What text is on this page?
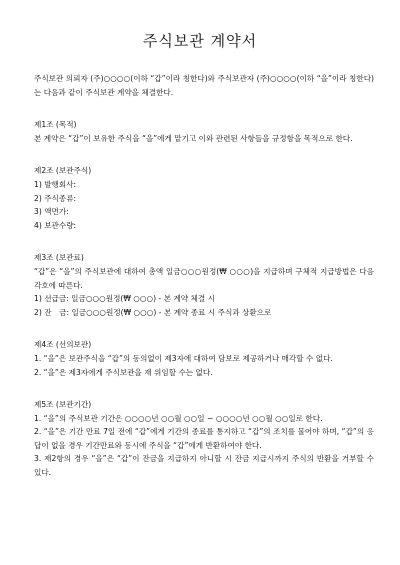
주식보관 계약서

주식보관 의뢰자 (주)○○○○(이하 “갑”이라 칭한다)와 주식보관자 (주)○○○○(이하 “을”이라 칭한다)는 다음과 같이 주식보관 계약을 체결한다.

제1조 (목적)

본 계약은 “갑”이 보유한 주식을 “을”에게 맡기고 이와 관련된 사항들을 규정함을 목적으로 한다.

제2조 (보관주식)

1) 발행회사:

2) 주식종류:

3) 액면가:

4) 보관수량:

제3조 (보관료)

“갑”은 “을”의 주식보관에 대하여 총액 일금○○○원정(₩ ○○○)을 지급하며 구체적 지급방법은 다음 각호에 따른다.

1) 선급금: 일금○○○원정(₩ ○○○) - 본 계약 체결 시

2) 잔　금: 일금○○○원정(₩ ○○○) - 본 계약 종료 시 주식과 상환으로

제4조 (선의보관)

1. “을”은 보관주식을 “갑”의 동의없이 제3자에 대하여 담보로 제공하거나 매각할 수 없다.

2. “을”은 제3자에게 주식보관을 재 위임할 수는 없다.

제5조 (보관기간)

1. “을”의 주식보관 기간은 ○○○○년 ○○월 ○○일 ~ ○○○○년 ○○월 ○○일로 한다.

2. “을”은 기간 만료 7일 전에 “갑”에게 기간의 종료를 통지하고 “갑”의 조치를 물어야 하며, “갑”의 응답이 없을 경우 기간만료와 동시에 주식을 “갑”에게 반환하여야 한다.

3. 제2항의 경우 “을”은 “갑”이 잔금을 지급하지 아니할 시 잔금 지급시까지 주식의 반환을 거부할 수 있다.
